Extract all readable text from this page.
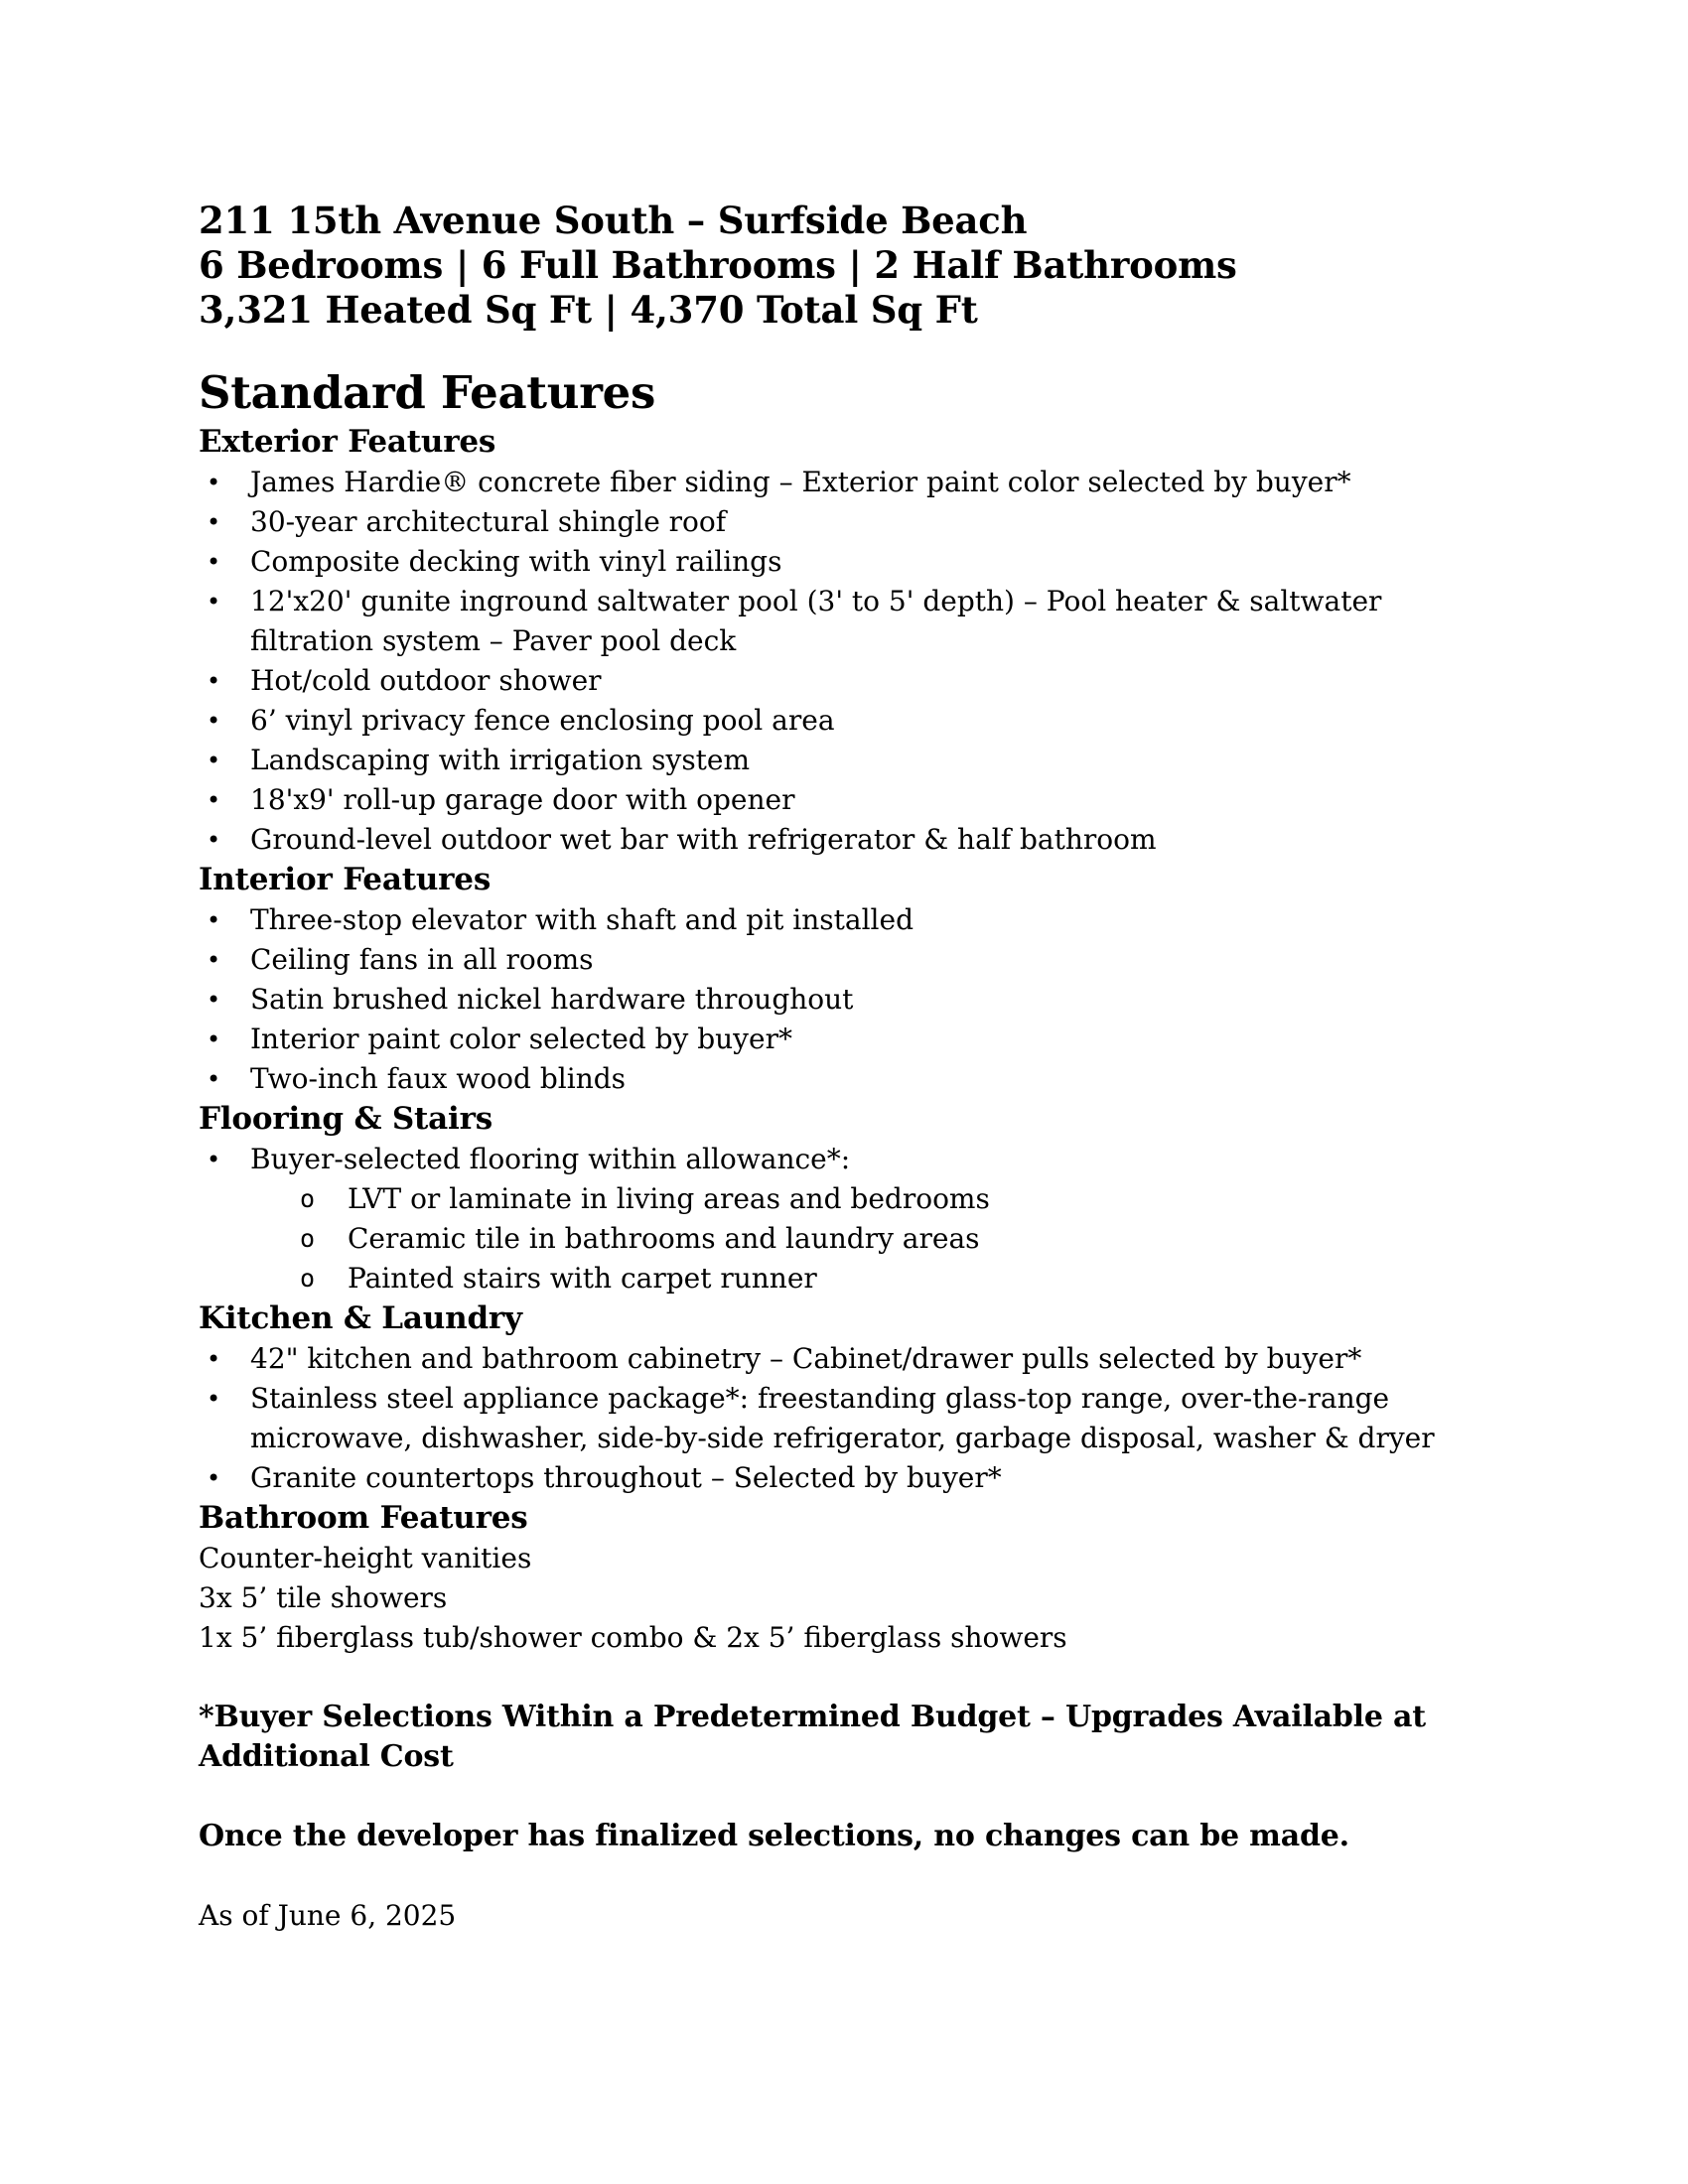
211 15th Avenue South – Surfside Beach
6 Bedrooms | 6 Full Bathrooms | 2 Half Bathrooms
3,321 Heated Sq Ft | 4,370 Total Sq Ft
Standard Features
Exterior Features
• James Hardie® concrete fiber siding – Exterior paint color selected by buyer*
• 30-year architectural shingle roof
• Composite decking with vinyl railings
• 12'x20' gunite inground saltwater pool (3' to 5' depth) – Pool heater & saltwater filtration system – Paver pool deck
• Hot/cold outdoor shower
• 6’ vinyl privacy fence enclosing pool area
• Landscaping with irrigation system
• 18'x9' roll-up garage door with opener
• Ground-level outdoor wet bar with refrigerator & half bathroom
Interior Features
• Three-stop elevator with shaft and pit installed
• Ceiling fans in all rooms
• Satin brushed nickel hardware throughout
• Interior paint color selected by buyer*
• Two-inch faux wood blinds
Flooring & Stairs
• Buyer-selected flooring within allowance*:
o LVT or laminate in living areas and bedrooms
o Ceramic tile in bathrooms and laundry areas
o Painted stairs with carpet runner
Kitchen & Laundry
• 42" kitchen and bathroom cabinetry – Cabinet/drawer pulls selected by buyer*
• Stainless steel appliance package*: freestanding glass-top range, over-the-range microwave, dishwasher, side-by-side refrigerator, garbage disposal, washer & dryer
• Granite countertops throughout – Selected by buyer*
Bathroom Features
Counter-height vanities
3x 5’ tile showers
1x 5’ fiberglass tub/shower combo & 2x 5’ fiberglass showers
*Buyer Selections Within a Predetermined Budget – Upgrades Available at Additional Cost
Once the developer has finalized selections, no changes can be made.
As of June 6, 2025
